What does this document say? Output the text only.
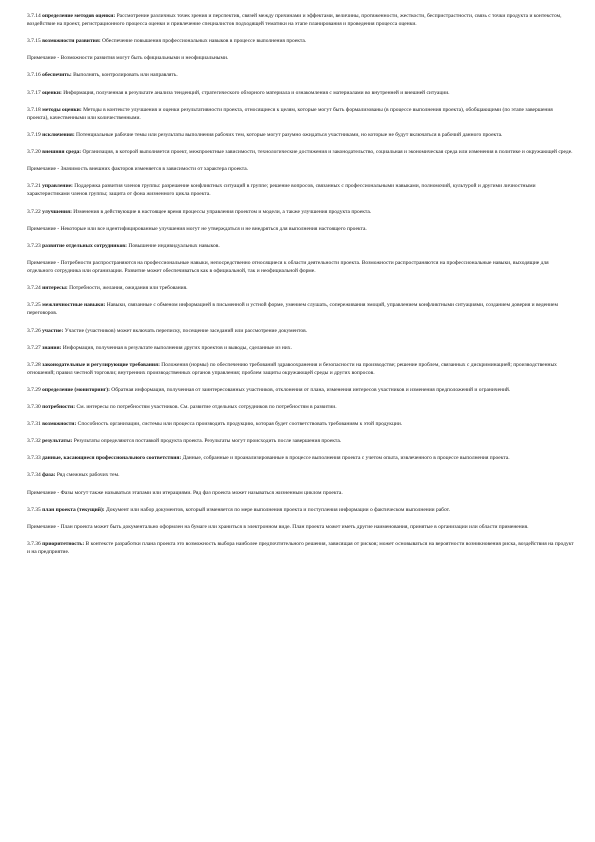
3.7.14 определение методов оценки: Рассмотрение различных точек зрения и перспектив, связей между причинами и эффектами, величины, протяженности, жесткости, беспристрастности, связь с точки продукта и контекстом, воздействие на проект, регистрационного процесса оценки и привлечение специалистов подходящей тематики на этапе планирования и проведения процесса оценки.

3.7.15 возможности развития: Обеспечение повышения профессиональных навыков в процессе выполнения проекта.

Примечание - Возможности развития могут быть официальными и неофициальными.

3.7.16 обеспечить: Выполнять, контролировать или направлять.

3.7.17 оценки: Информация, полученная в результате анализа тенденций, стратегического обзорного материала и ознакомления с материалами во внутренней и внешней ситуации.

3.7.18 методы оценки: Методы в контексте улучшения и оценки результативности проекта, относящиеся к целям, которые могут быть формализованы (в процессе выполнения проекта), обобщающими (по этапе завершения проекта), качественными или количественными.

3.7.19 исключения: Потенциальные рабочие темы или результаты выполнения рабочих тем, которые могут разумно ожидаться участниками, но которые не будут включаться в рабочий данного проекта.

3.7.20 внешняя среда: Организация, в которой выполняется проект, межпроектные зависимости, технологические достижения и законодательство, социальная и экономическая среда или изменения в политике и окружающей среде.

Примечание - Значимость внешних факторов изменяется в зависимости от характера проекта.

3.7.21 управление: Поддержка развития членов группы: разрешение конфликтных ситуаций в группе; решение вопросов, связанных с профессиональными навыками, полномочий, культурой и другими личностными характеристиками членов группы; защита от фона жизненного цикла проекта.

3.7.22 улучшения: Изменения в действующие в настоящее время процессы управления проектом и модели, а также улучшения продукта проекта.

Примечание - Некоторые или все идентифицированные улучшения могут не утверждаться и не внедряться для выполнения настоящего проекта.

3.7.23 развитие отдельных сотрудников: Повышение индивидуальных навыков.

Примечание - Потребности распространяются на профессиональные навыки, непосредственно относящиеся к области деятельности проекта. Возможности распространяются на профессиональные навыки, выходящие для отдельного сотрудника или организации. Развитие может обеспечиваться как в официальной, так и неофициальной форме.

3.7.24 интересы: Потребности, желания, ожидания или требования.

3.7.25 межличностные навыки: Навыки, связанные с обменом информацией в письменной и устной форме, умением слушать, сопереживания эмоций, управлением конфликтными ситуациями, созданием доверия и ведением переговоров.

3.7.26 участие: Участие (участников) может включать переписку, посещение заседаний или рассмотрение документов.

3.7.27 знания: Информация, полученная в результате выполнения других проектов и выводы, сделанные из них.

3.7.28 законодательные и регулирующие требования: Положения (нормы) по обеспечению требований здравоохранения и безопасности на производстве; решение проблем, связанных с дискриминацией; производственных отношений; правил честной торговли; внутренних производственных органов управления; проблем защиты окружающей среды и других вопросов.

3.7.29 определение (мониторинг): Обратная информация, полученная от заинтересованных участников, отклонения от плана, изменения интересов участников и изменения предположений и ограничений.

3.7.30 потребности: См. интересы по потребностям участников. См. развитие отдельных сотрудников по потребностям в развитии.

3.7.31 возможности: Способность организации, системы или процесса производить продукцию, которая будет соответствовать требованиям к этой продукции.

3.7.32 результаты: Результаты определяются поставкой продукта проекта. Результаты могут происходить после завершения проекта.

3.7.33 данные, касающиеся профессионального соответствия: Данные, собранные и проанализированные в процессе выполнения проекта с учетом опыта, извлеченного в процессе выполнения проекта.

3.7.34 фаза: Ряд смежных рабочих тем.

Примечание - Фазы могут также называться этапами или итерациями. Ряд фаз проекта может называться жизненным циклом проекта.

3.7.35 план проекта (текущий): Документ или набор документов, который изменяется по мере выполнения проекта и поступления информации о фактическом выполнении работ.

Примечание - План проекта может быть документально оформлен на бумаге или храниться в электронном виде. План проекта может иметь другие наименования, принятые в организации или области применения.

3.7.36 приоритетность: В контексте разработки плана проекта это возможность выбора наиболее предпочтительного решения, зависящая от рисков; может основываться на вероятности возникновения риска, воздействия на продукт и на предприятие.
